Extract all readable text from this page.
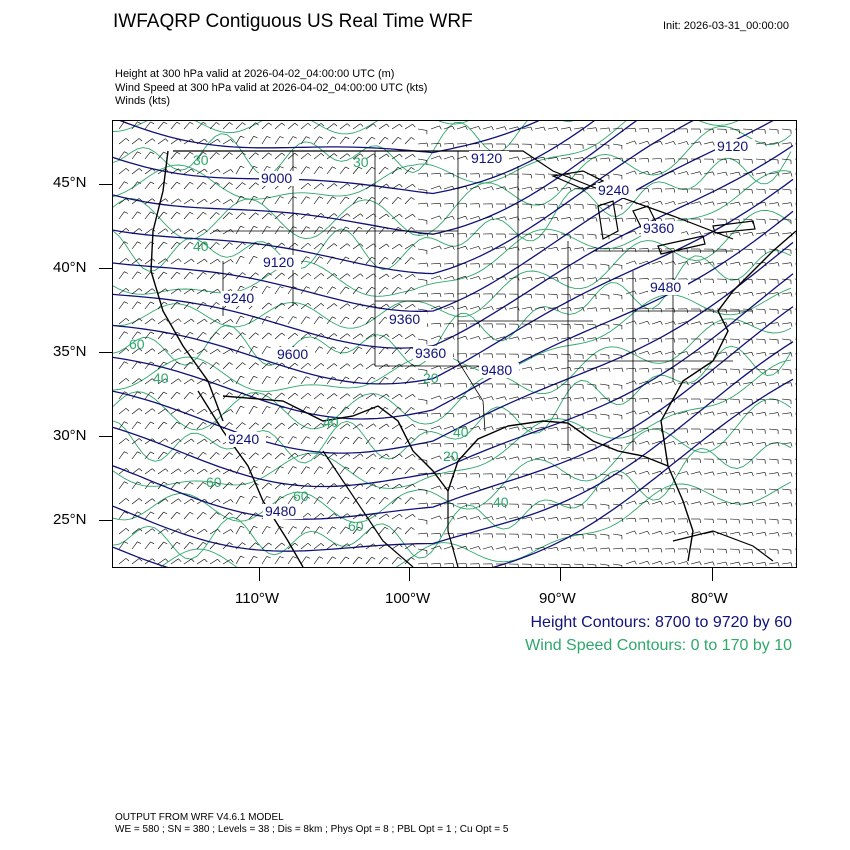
IWFAQRP Contiguous US Real Time WRF	Init: 2026-03-31_00:00:00
Height at 300 hPa valid at 2026-04-02_04:00:00 UTC (m)
Wind Speed at 300 hPa valid at 2026-04-02_04:00:00 UTC (kts)
Winds (kts)
9000
9120
9240
9360
9480
9600
9120
9240
9360
9480
9360
9240
9480
9120
30	30
40
40
60
60
60
40
60
40
40
20
20
45°N
40°N
35°N
30°N
25°N
110°W	100°W	90°W	80°W
Height Contours: 8700 to 9720 by 60
Wind Speed Contours: 0 to 170 by 10
OUTPUT FROM WRF V4.6.1 MODEL
WE = 580 ; SN = 380 ; Levels = 38 ; Dis = 8km ; Phys Opt = 8 ; PBL Opt = 1 ; Cu Opt = 5
